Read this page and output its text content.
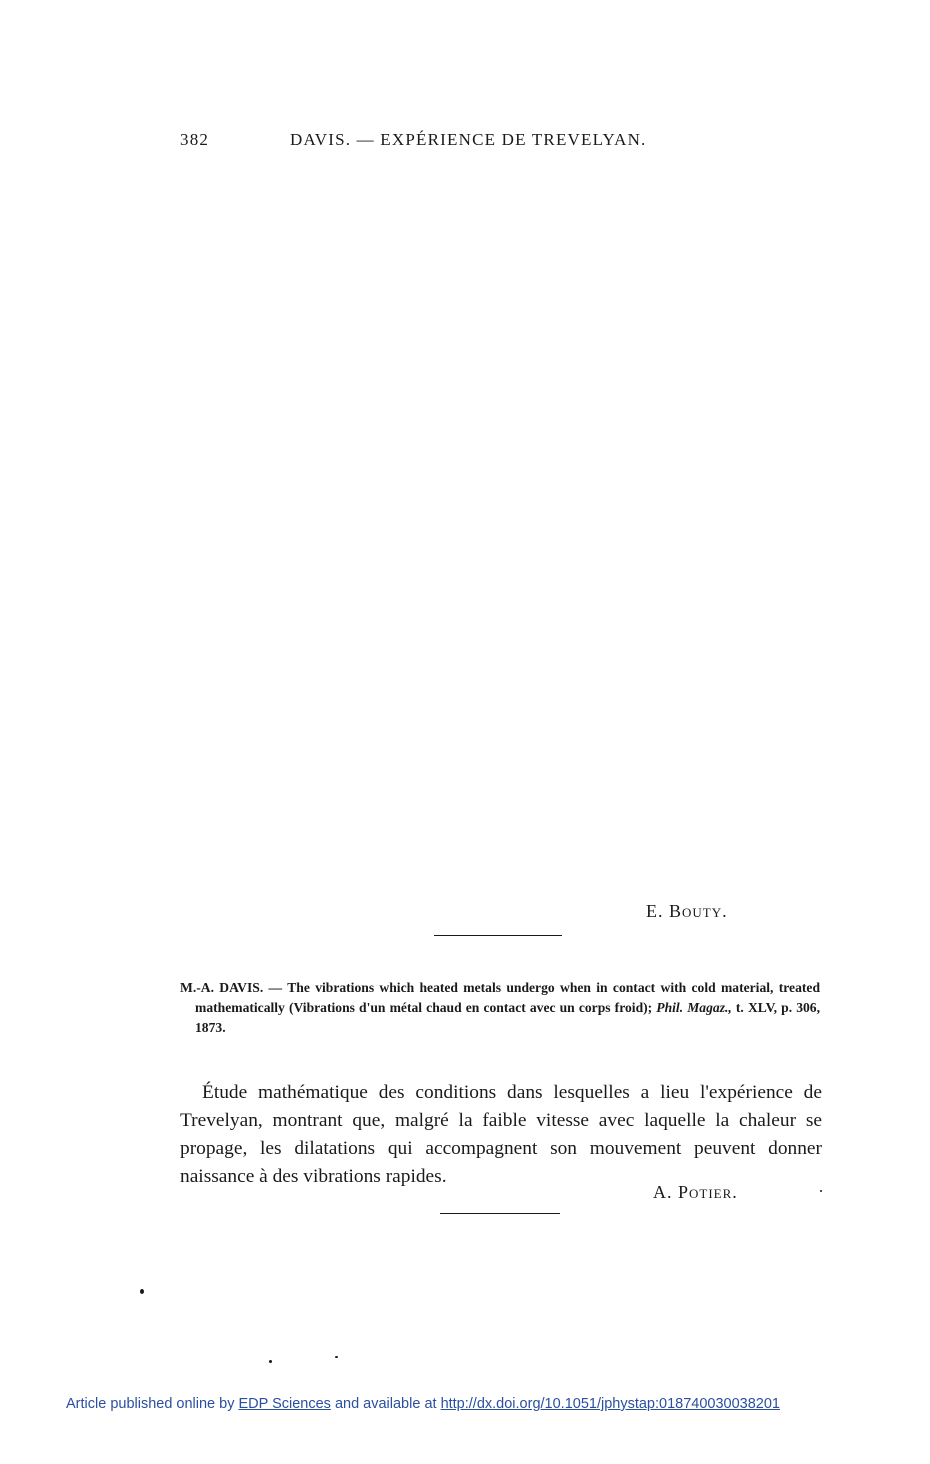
382	DAVIS. — EXPÉRIENCE DE TREVELYAN.
E. Bouty.
M.-A. DAVIS. — The vibrations which heated metals undergo when in contact with cold material, treated mathematically (Vibrations d'un métal chaud en contact avec un corps froid); Phil. Magaz., t. XLV, p. 306, 1873.

Étude mathématique des conditions dans lesquelles a lieu l'expérience de Trevelyan, montrant que, malgré la faible vitesse avec laquelle la chaleur se propage, les dilatations qui accompagnent son mouvement peuvent donner naissance à des vibrations rapides.

A. Potier.
Article published online by EDP Sciences and available at http://dx.doi.org/10.1051/jphystap:018740030038201
